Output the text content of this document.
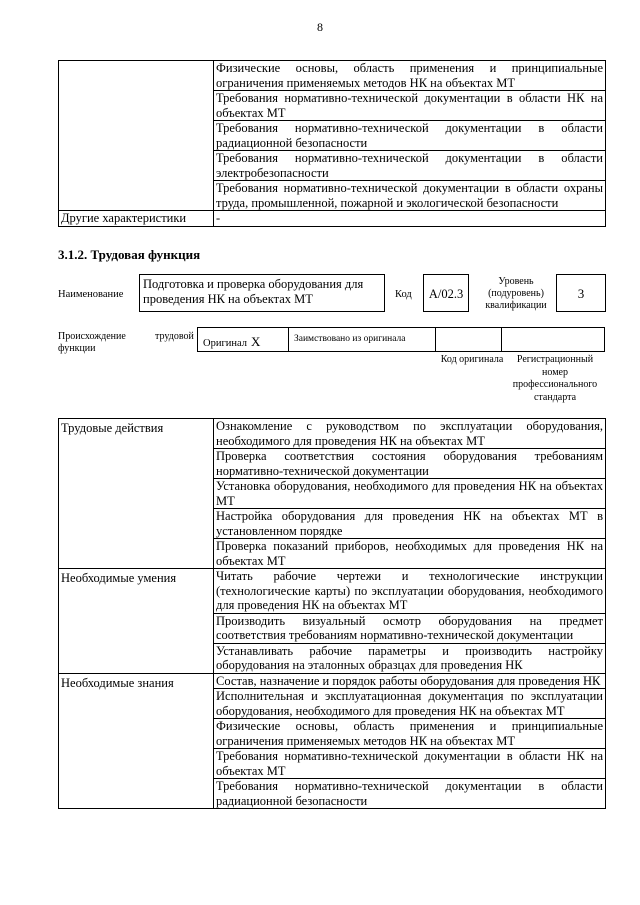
8
	Физические основы, область применения и принципиальные ограничения применяемых методов НК на объектах МТ
	Требования нормативно-технической документации в области НК на объектах МТ
	Требования нормативно-технической документации в области радиационной безопасности
	Требования нормативно-технической документации в области электробезопасности
	Требования нормативно-технической документации в области охраны труда, промышленной, пожарной и экологической безопасности
Другие характеристики	-
3.1.2. Трудовая функция
Наименование
Подготовка и проверка оборудования для проведения НК на объектах МТ	Код	A/02.3
Уровень (подуровень) квалификации
3
Происхождение	трудовой
функции	Оригинал X	Заимствовано из оригинала
Код оригинала	Регистрационный номер профессионального стандарта
Трудовые действия	Ознакомление с руководством по эксплуатации оборудования, необходимого для проведения НК на объектах МТ
	Проверка соответствия состояния оборудования требованиям нормативно-технической документации
	Установка оборудования, необходимого для проведения НК на объектах МТ
	Настройка оборудования для проведения НК на объектах МТ в установленном порядке
	Проверка показаний приборов, необходимых для проведения НК на объектах МТ
Необходимые умения	Читать рабочие чертежи и технологические инструкции (технологические карты) по эксплуатации оборудования, необходимого для проведения НК на объектах МТ
	Производить визуальный осмотр оборудования на предмет соответствия требованиям нормативно-технической документации
	Устанавливать рабочие параметры и производить настройку оборудования на эталонных образцах для проведения НК
Необходимые знания	Состав, назначение и порядок работы оборудования для проведения НК
	Исполнительная и эксплуатационная документация по эксплуатации оборудования, необходимого для проведения НК на объектах МТ
	Физические основы, область применения и принципиальные ограничения применяемых методов НК на объектах МТ
	Требования нормативно-технической документации в области НК на объектах МТ
	Требования нормативно-технической документации в области радиационной безопасности
